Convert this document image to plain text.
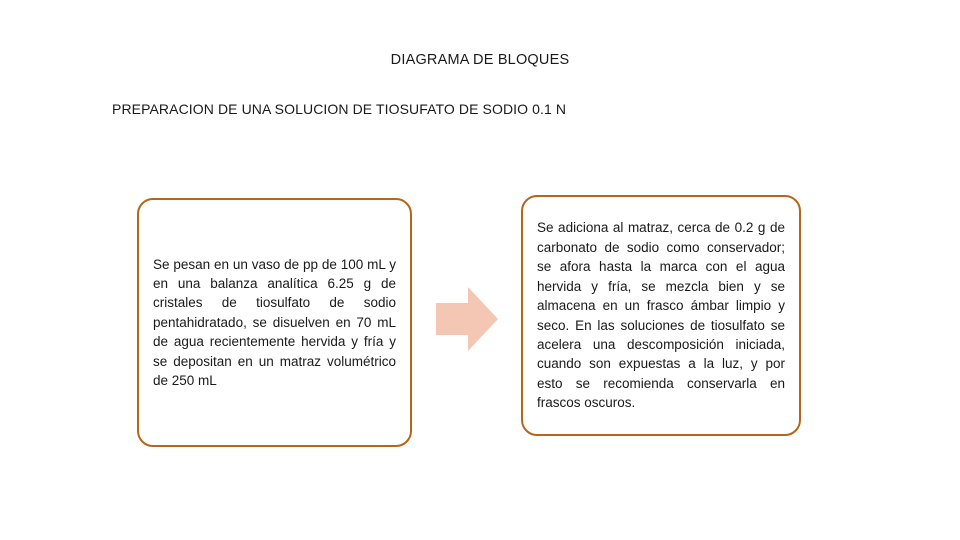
DIAGRAMA DE BLOQUES
PREPARACION DE UNA SOLUCION DE TIOSUFATO DE SODIO 0.1 N
Se pesan en un vaso de pp de 100 mL y en una balanza analítica 6.25 g de cristales de tiosulfato de sodio pentahidratado, se disuelven en 70 mL de agua recientemente hervida y fría y se depositan en un matraz volumétrico de 250 mL
Se adiciona al matraz, cerca de 0.2 g de carbonato de sodio como conservador; se afora hasta la marca con el agua hervida y fría, se mezcla bien y se almacena en un frasco ámbar limpio y seco. En las soluciones de tiosulfato se acelera una descomposición iniciada, cuando son expuestas a la luz, y por esto se recomienda conservarla en frascos oscuros.
